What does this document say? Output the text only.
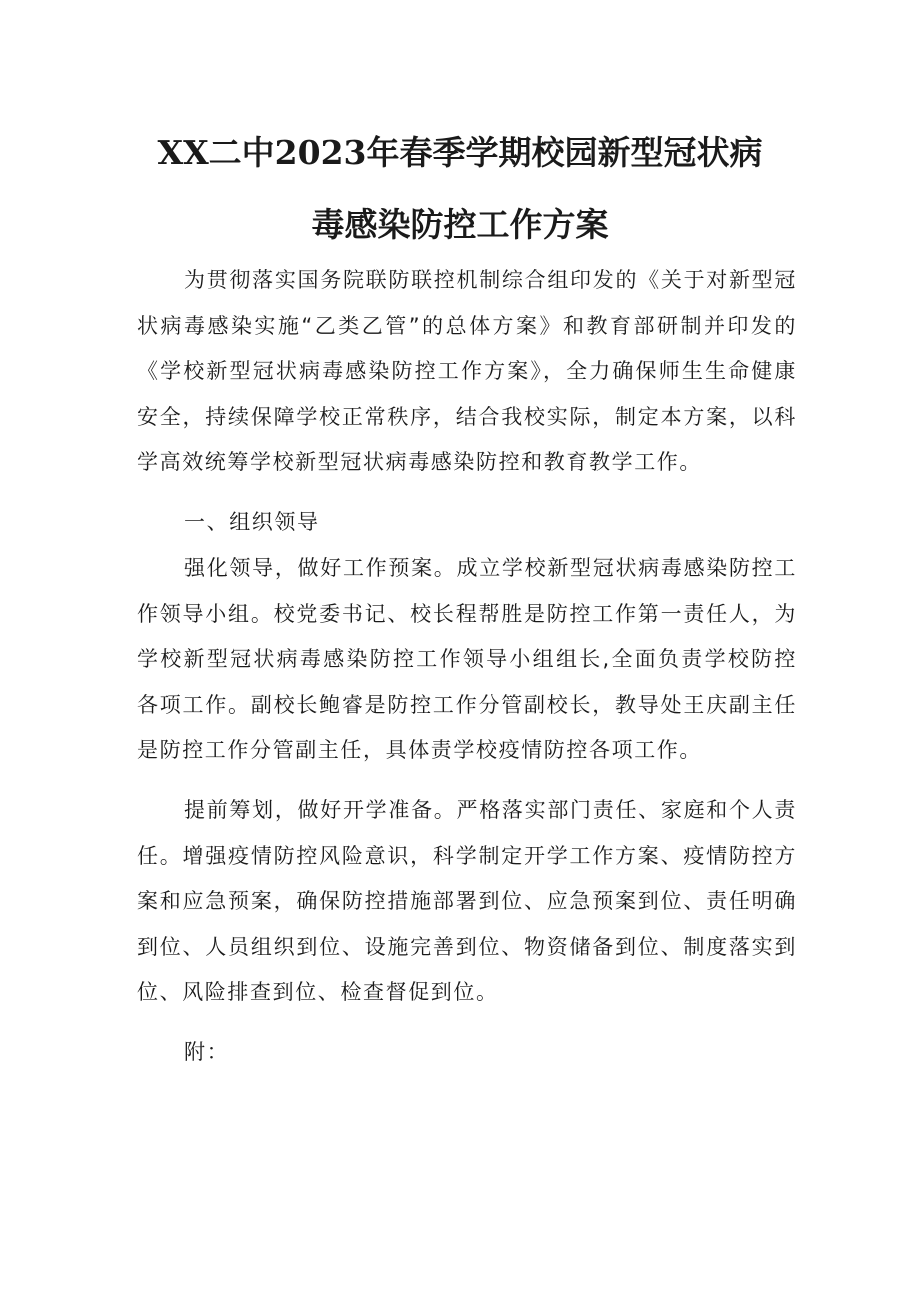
XX二中2023年春季学期校园新型冠状病
毒感染防控工作方案

为贯彻落实国务院联防联控机制综合组印发的《关于对新型冠状病毒感染实施“乙类乙管”的总体方案》和教育部研制并印发的《学校新型冠状病毒感染防控工作方案》，全力确保师生生命健康安全，持续保障学校正常秩序，结合我校实际，制定本方案，以科学高效统筹学校新型冠状病毒感染防控和教育教学工作。

一、组织领导

强化领导，做好工作预案。成立学校新型冠状病毒感染防控工作领导小组。校党委书记、校长程帮胜是防控工作第一责任人，为学校新型冠状病毒感染防控工作领导小组组长,全面负责学校防控各项工作。副校长鲍睿是防控工作分管副校长，教导处王庆副主任是防控工作分管副主任，具体责学校疫情防控各项工作。

提前筹划，做好开学准备。严格落实部门责任、家庭和个人责任。增强疫情防控风险意识，科学制定开学工作方案、疫情防控方案和应急预案，确保防控措施部署到位、应急预案到位、责任明确到位、人员组织到位、设施完善到位、物资储备到位、制度落实到位、风险排查到位、检查督促到位。

附：
